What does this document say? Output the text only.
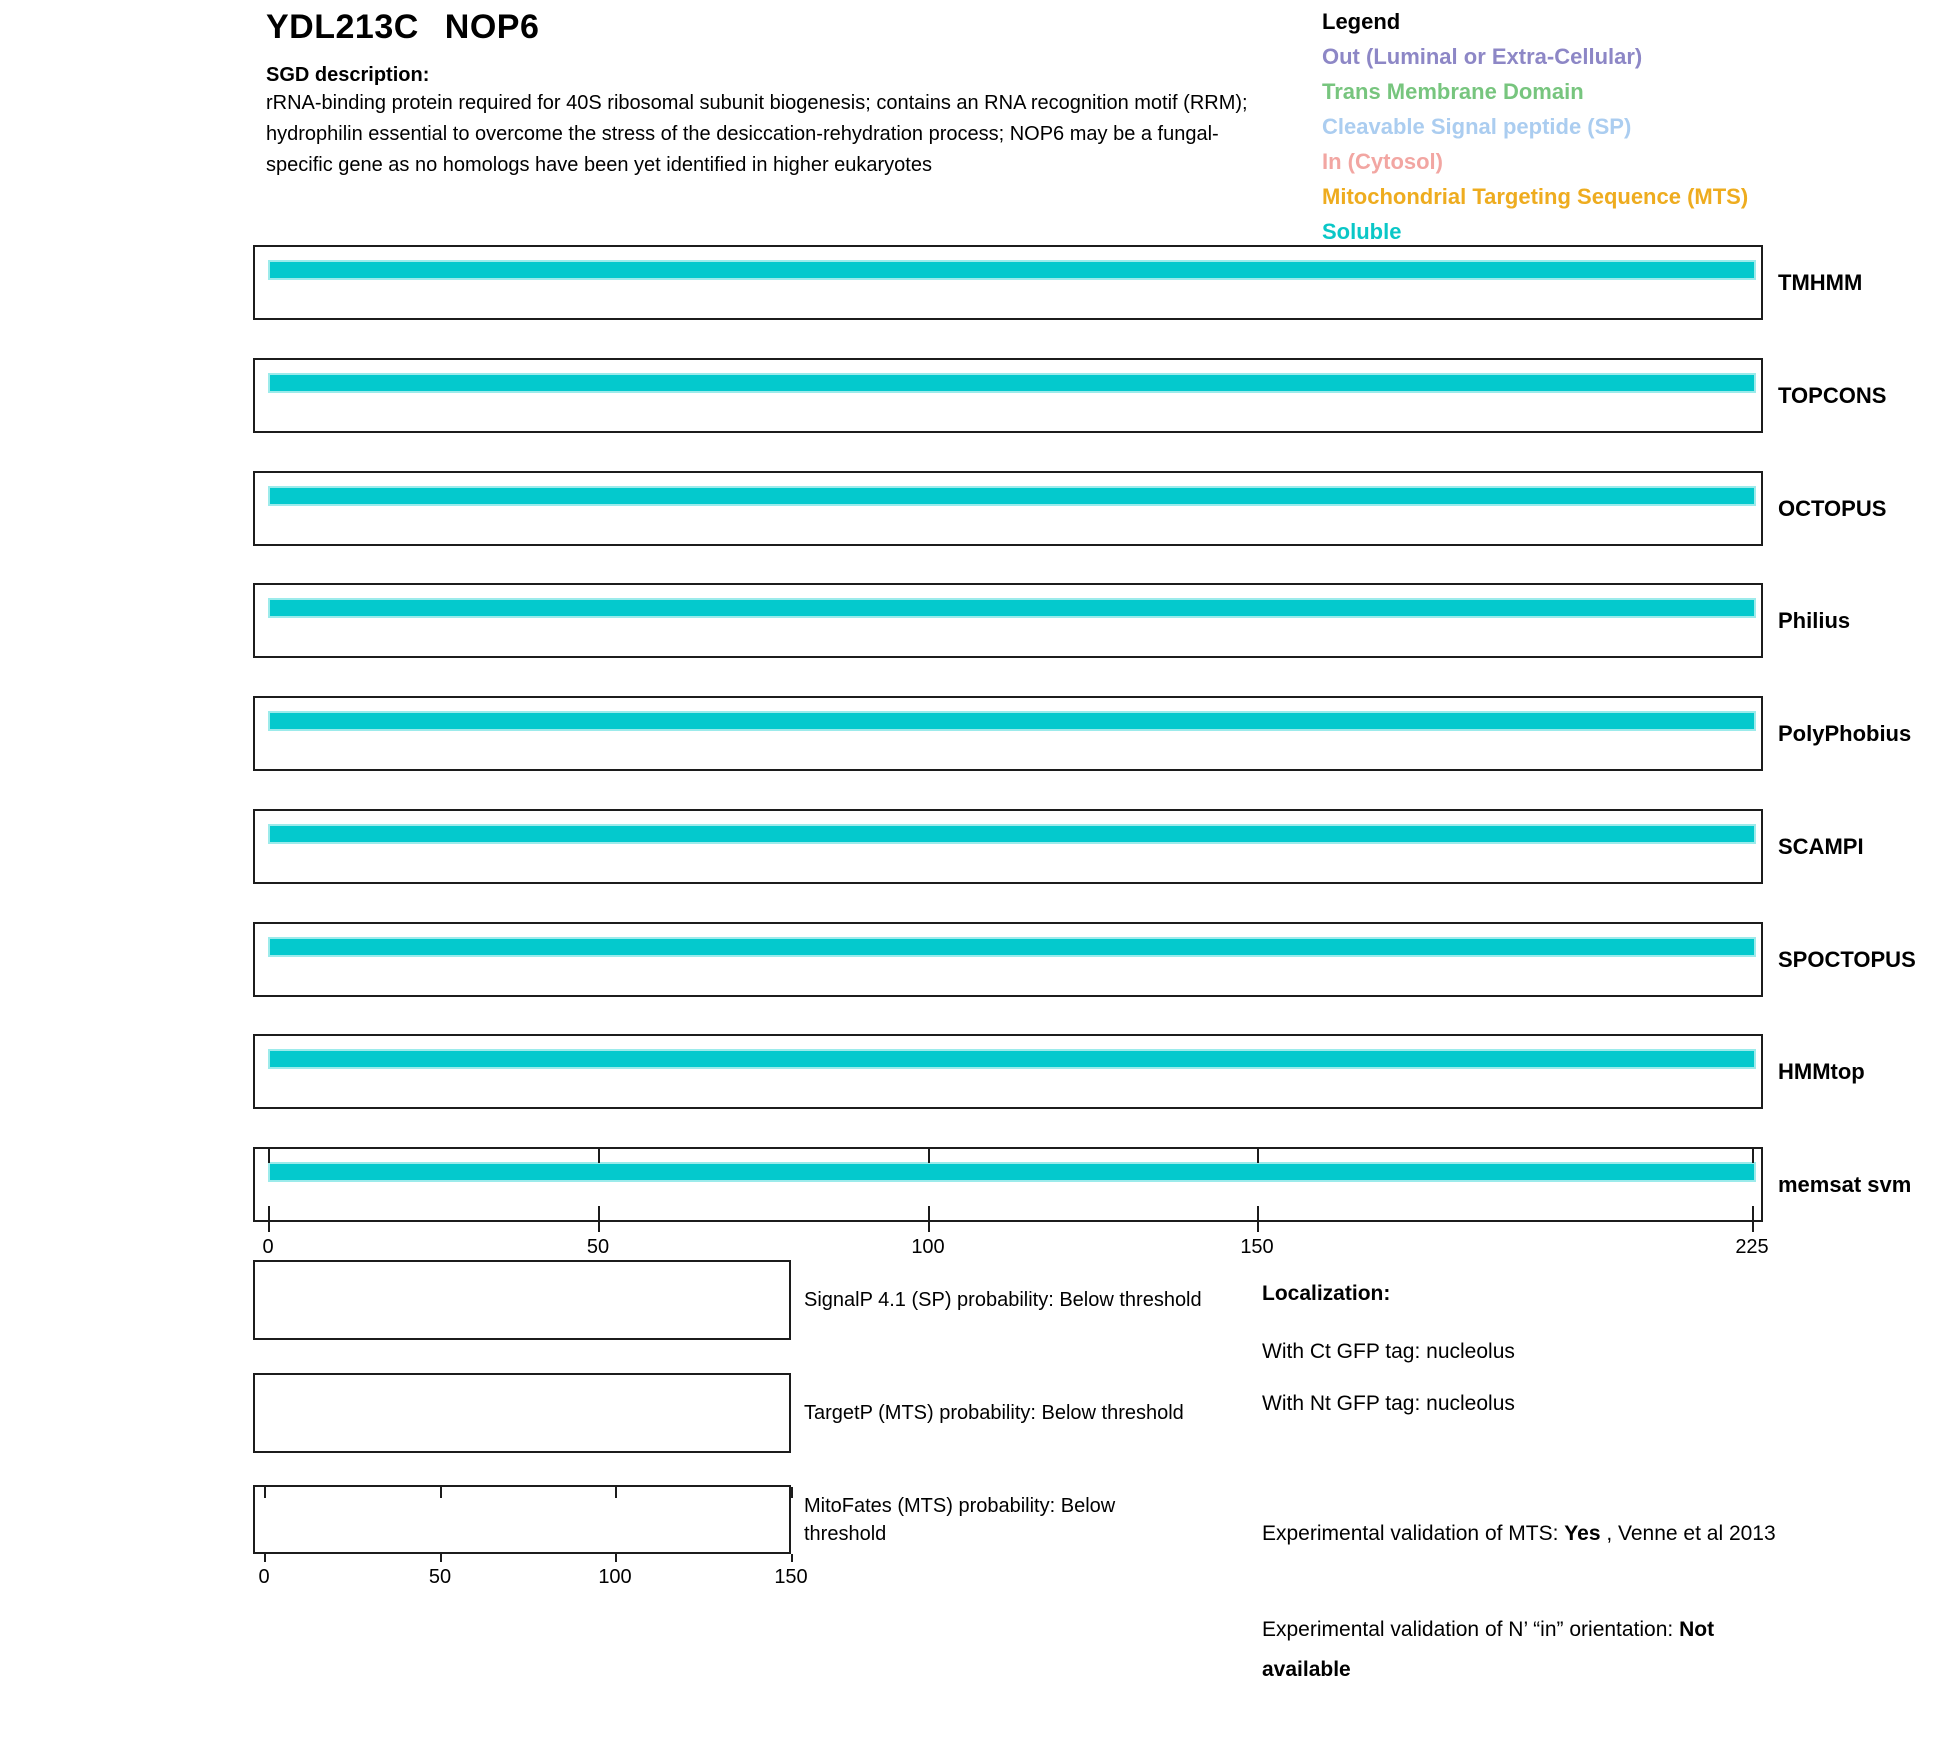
YDL213C NOP6
SGD description:
rRNA-binding protein required for 40S ribosomal subunit biogenesis; contains an RNA recognition motif (RRM); hydrophilin essential to overcome the stress of the desiccation-rehydration process; NOP6 may be a fungal-specific gene as no homologs have been yet identified in higher eukaryotes
Legend
Out (Luminal or Extra-Cellular)
Trans Membrane Domain
Cleavable Signal peptide (SP)
In (Cytosol)
Mitochondrial Targeting Sequence (MTS)
Soluble
TMHMM
TOPCONS
OCTOPUS
Philius
PolyPhobius
SCAMPI
SPOCTOPUS
HMMtop
memsat svm
0	50	100	150	225
SignalP 4.1 (SP) probability: Below threshold
TargetP (MTS) probability: Below threshold
MitoFates (MTS) probability: Below
threshold
0	50	100	150
Localization:
With Ct GFP tag: nucleolus
With Nt GFP tag: nucleolus
Experimental validation of MTS: Yes , Venne et al 2013
Experimental validation of N’ “in” orientation: Not available
